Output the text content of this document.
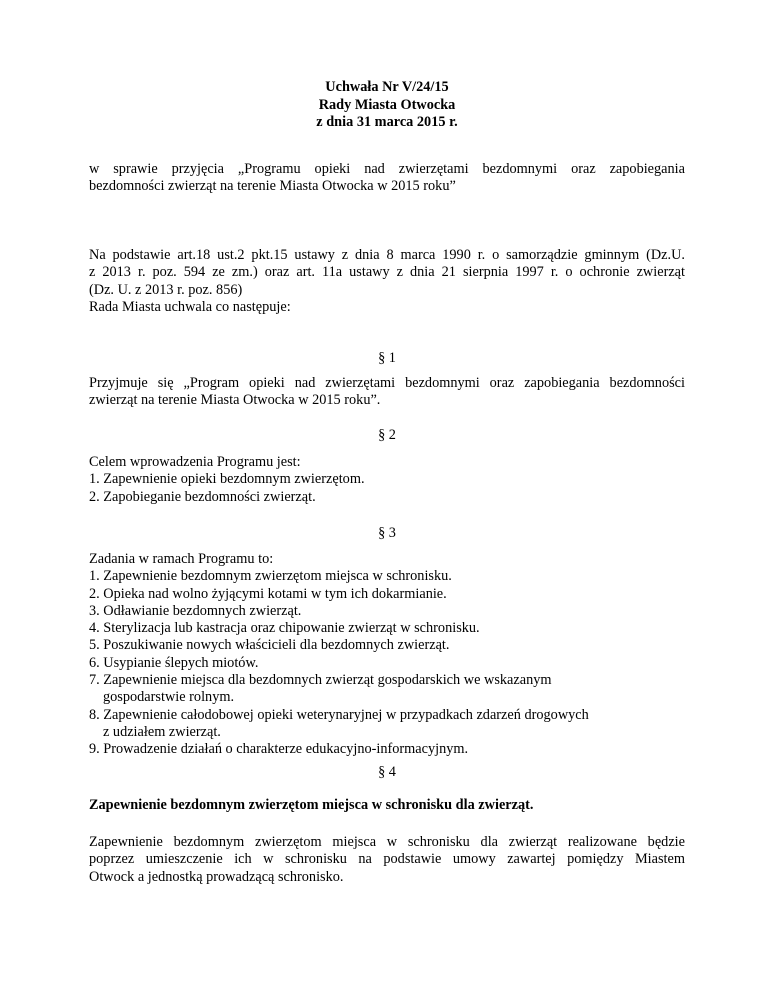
Uchwała Nr V/24/15
Rady Miasta Otwocka
z dnia 31 marca 2015 r.
w sprawie przyjęcia „Programu opieki nad zwierzętami bezdomnymi oraz zapobiegania
bezdomności zwierząt na terenie Miasta Otwocka w 2015 roku”
Na podstawie art.18 ust.2 pkt.15 ustawy z dnia 8 marca 1990 r. o samorządzie gminnym (Dz.U.
z 2013 r. poz. 594 ze zm.) oraz art. 11a ustawy z dnia 21 sierpnia 1997 r. o ochronie zwierząt
(Dz. U. z 2013 r. poz. 856)
Rada Miasta uchwala co następuje:
§ 1
Przyjmuje się „Program opieki nad zwierzętami bezdomnymi oraz zapobiegania bezdomności
zwierząt na terenie Miasta Otwocka w 2015 roku”.
§ 2
Celem wprowadzenia Programu jest:
1. Zapewnienie opieki bezdomnym zwierzętom.
2. Zapobieganie bezdomności zwierząt.
§ 3
Zadania w ramach Programu to:
1. Zapewnienie bezdomnym zwierzętom miejsca w schronisku.
2. Opieka nad wolno żyjącymi kotami w tym ich dokarmianie.
3. Odławianie bezdomnych zwierząt.
4. Sterylizacja lub kastracja oraz chipowanie zwierząt w schronisku.
5. Poszukiwanie nowych właścicieli dla bezdomnych zwierząt.
6. Usypianie ślepych miotów.
7. Zapewnienie miejsca dla bezdomnych zwierząt gospodarskich we wskazanym
gospodarstwie rolnym.
8. Zapewnienie całodobowej opieki weterynaryjnej w przypadkach zdarzeń drogowych
z udziałem zwierząt.
9. Prowadzenie działań o charakterze edukacyjno-informacyjnym.
§ 4
Zapewnienie bezdomnym zwierzętom miejsca w schronisku dla zwierząt.
Zapewnienie bezdomnym zwierzętom miejsca w schronisku dla zwierząt realizowane będzie
poprzez umieszczenie ich w schronisku na podstawie umowy zawartej pomiędzy Miastem
Otwock a jednostką prowadzącą schronisko.
